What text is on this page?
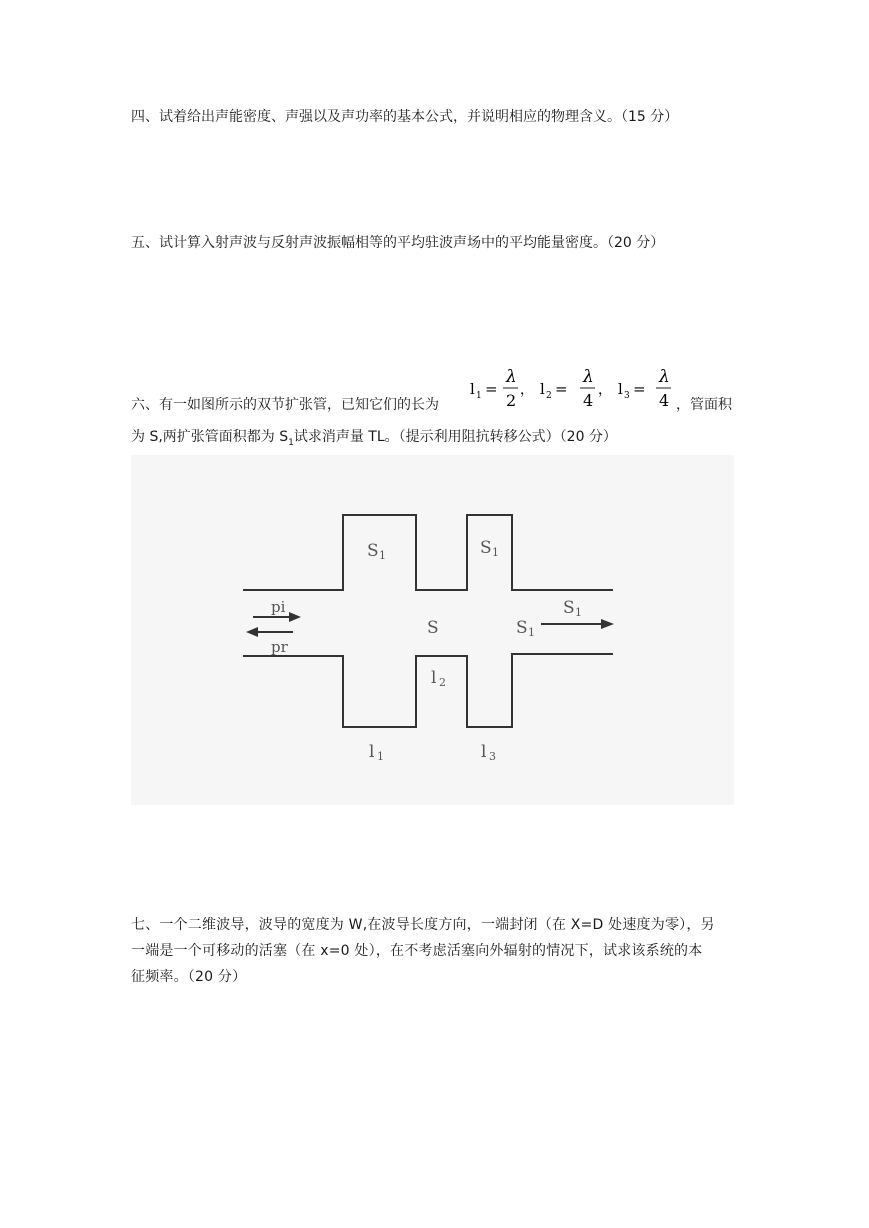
四、试着给出声能密度、声强以及声功率的基本公式，并说明相应的物理含义。（15 分）
五、试计算入射声波与反射声波振幅相等的平均驻波声场中的平均能量密度。（20 分）
六、有一如图所示的双节扩张管，已知它们的长为
l 1 =
λ
2
， l 2 =
λ
4
， l 3 =
λ
4 ，管面积
为 S,两扩张管面积都为 $S_1$试求消声量 TL。（提示利用阻抗转移公式）（20 分）
pi
pr
S 1	S 1
S	S 1
S 1
l 2
l 1	l 3
七、一个二维波导，波导的宽度为 W,在波导长度方向，一端封闭（在 X=D 处速度为零），另
一端是一个可移动的活塞（在 x=0 处），在不考虑活塞向外辐射的情况下，试求该系统的本
征频率。（20 分）
